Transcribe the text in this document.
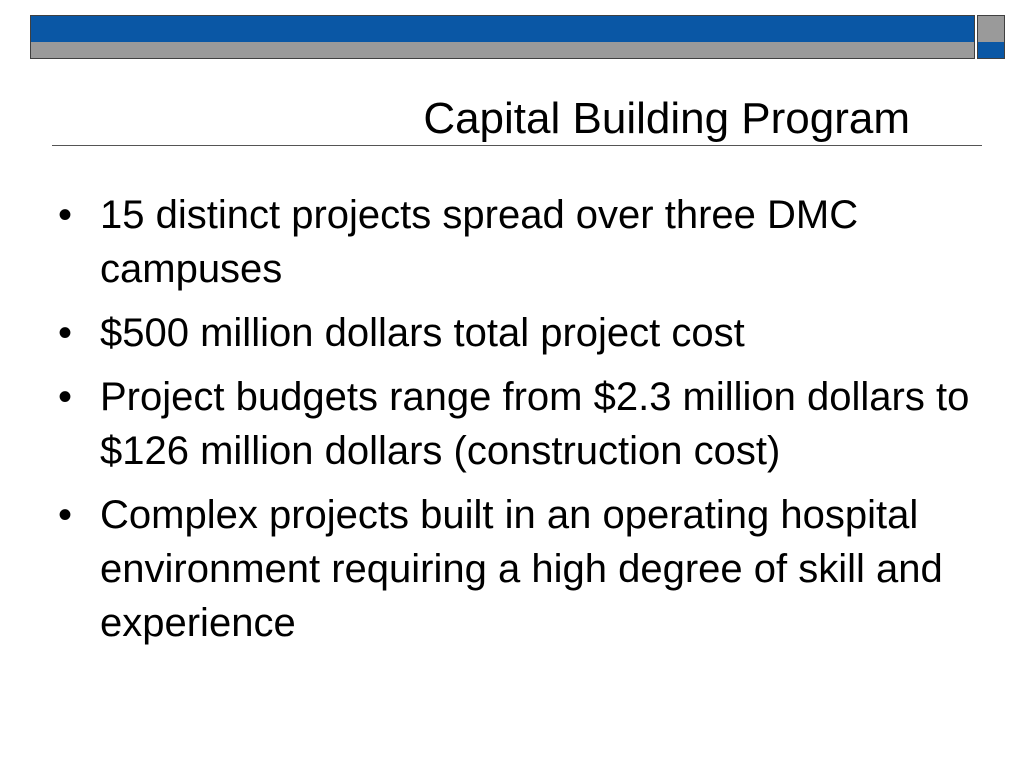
Capital Building Program
• 15 distinct projects spread over three DMC campuses
• $500 million dollars total project cost
• Project budgets range from $2.3 million dollars to $126 million dollars (construction cost)
• Complex projects built in an operating hospital environment requiring a high degree of skill and experience
